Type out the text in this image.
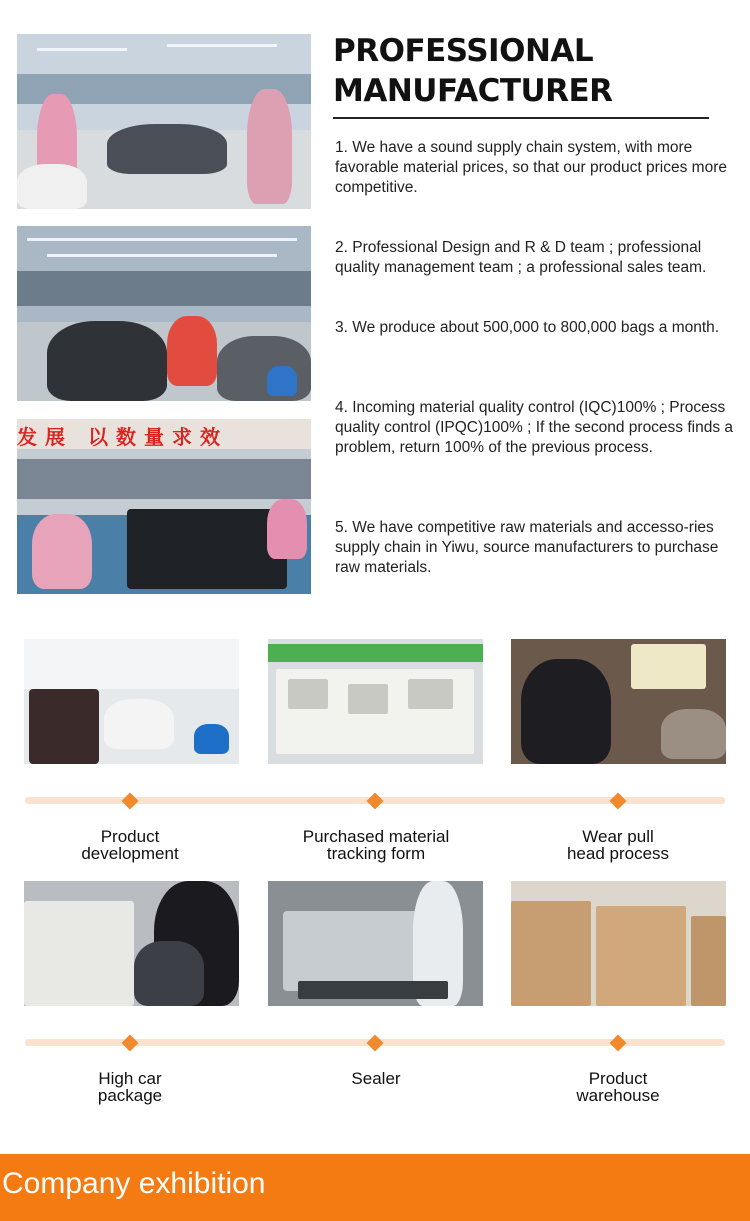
发展 以数量求效
PROFESSIONAL
MANUFACTURER
1. We have a sound supply chain system, with more favorable material prices, so that our product prices more competitive.
2. Professional Design and R & D team ; professional quality management team ; a professional sales team.
3. We produce about 500,000 to 800,000 bags a month.
4. Incoming material quality control (IQC)100% ; Process quality control (IPQC)100% ; If the second process finds a problem, return 100% of the previous process.
5. We have competitive raw materials and accesso-ries supply chain in Yiwu, source manufacturers to purchase raw materials.
Product
development
Purchased material
tracking form
Wear pull
head process
High car
package
Sealer	Product
warehouse
Company exhibition
